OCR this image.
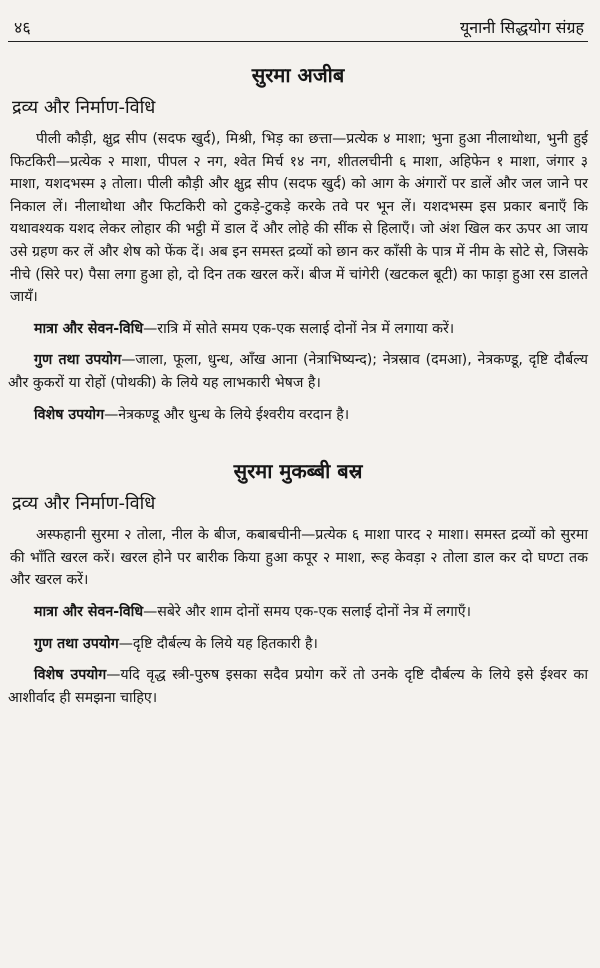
४६	यूनानी सिद्धयोग संग्रह
सुरमा अजीब
द्रव्य और निर्माण-विधि

पीली कौड़ी, क्षुद्र सीप (सदफ खुर्द), मिश्री, भिड़ का छत्ता—प्रत्येक ४ माशा; भुना हुआ नीलाथोथा, भुनी हुई फिटकिरी—प्रत्येक २ माशा, पीपल २ नग, श्वेत मिर्च १४ नग, शीतलचीनी ६ माशा, अहिफेन १ माशा, जंगार ३ माशा, यशदभस्म ३ तोला। पीली कौड़ी और क्षुद्र सीप (सदफ खुर्द) को आग के अंगारों पर डालें और जल जाने पर निकाल लें। नीलाथोथा और फिटकिरी को टुकड़े-टुकड़े करके तवे पर भून लें। यशदभस्म इस प्रकार बनाएँ कि यथावश्यक यशद लेकर लोहार की भट्ठी में डाल दें और लोहे की सींक से हिलाएँ। जो अंश खिल कर ऊपर आ जाय उसे ग्रहण कर लें और शेष को फेंक दें। अब इन समस्त द्रव्यों को छान कर काँसी के पात्र में नीम के सोटे से, जिसके नीचे (सिरे पर) पैसा लगा हुआ हो, दो दिन तक खरल करें। बीज में चांगेरी (खटकल बूटी) का फाड़ा हुआ रस डालते जायँ।

मात्रा और सेवन-विधि—रात्रि में सोते समय एक-एक सलाई दोनों नेत्र में लगाया करें।

गुण तथा उपयोग—जाला, फूला, धुन्ध, आँख आना (नेत्राभिष्यन्द); नेत्रस्राव (दमआ), नेत्रकण्डू, दृष्टि दौर्बल्य और कुकरों या रोहों (पोथकी) के लिये यह लाभकारी भेषज है।

विशेष उपयोग—नेत्रकण्डू और धुन्ध के लिये ईश्वरीय वरदान है।

सुरमा मुकब्बी बस्र
द्रव्य और निर्माण-विधि

अस्फहानी सुरमा २ तोला, नील के बीज, कबाबचीनी—प्रत्येक ६ माशा पारद २ माशा। समस्त द्रव्यों को सुरमा की भाँति खरल करें। खरल होने पर बारीक किया हुआ कपूर २ माशा, रूह केवड़ा २ तोला डाल कर दो घण्टा तक और खरल करें।

मात्रा और सेवन-विधि—सबेरे और शाम दोनों समय एक-एक सलाई दोनों नेत्र में लगाएँ।

गुण तथा उपयोग—दृष्टि दौर्बल्य के लिये यह हितकारी है।

विशेष उपयोग—यदि वृद्ध स्त्री-पुरुष इसका सदैव प्रयोग करें तो उनके दृष्टि दौर्बल्य के लिये इसे ईश्वर का आशीर्वाद ही समझना चाहिए।
